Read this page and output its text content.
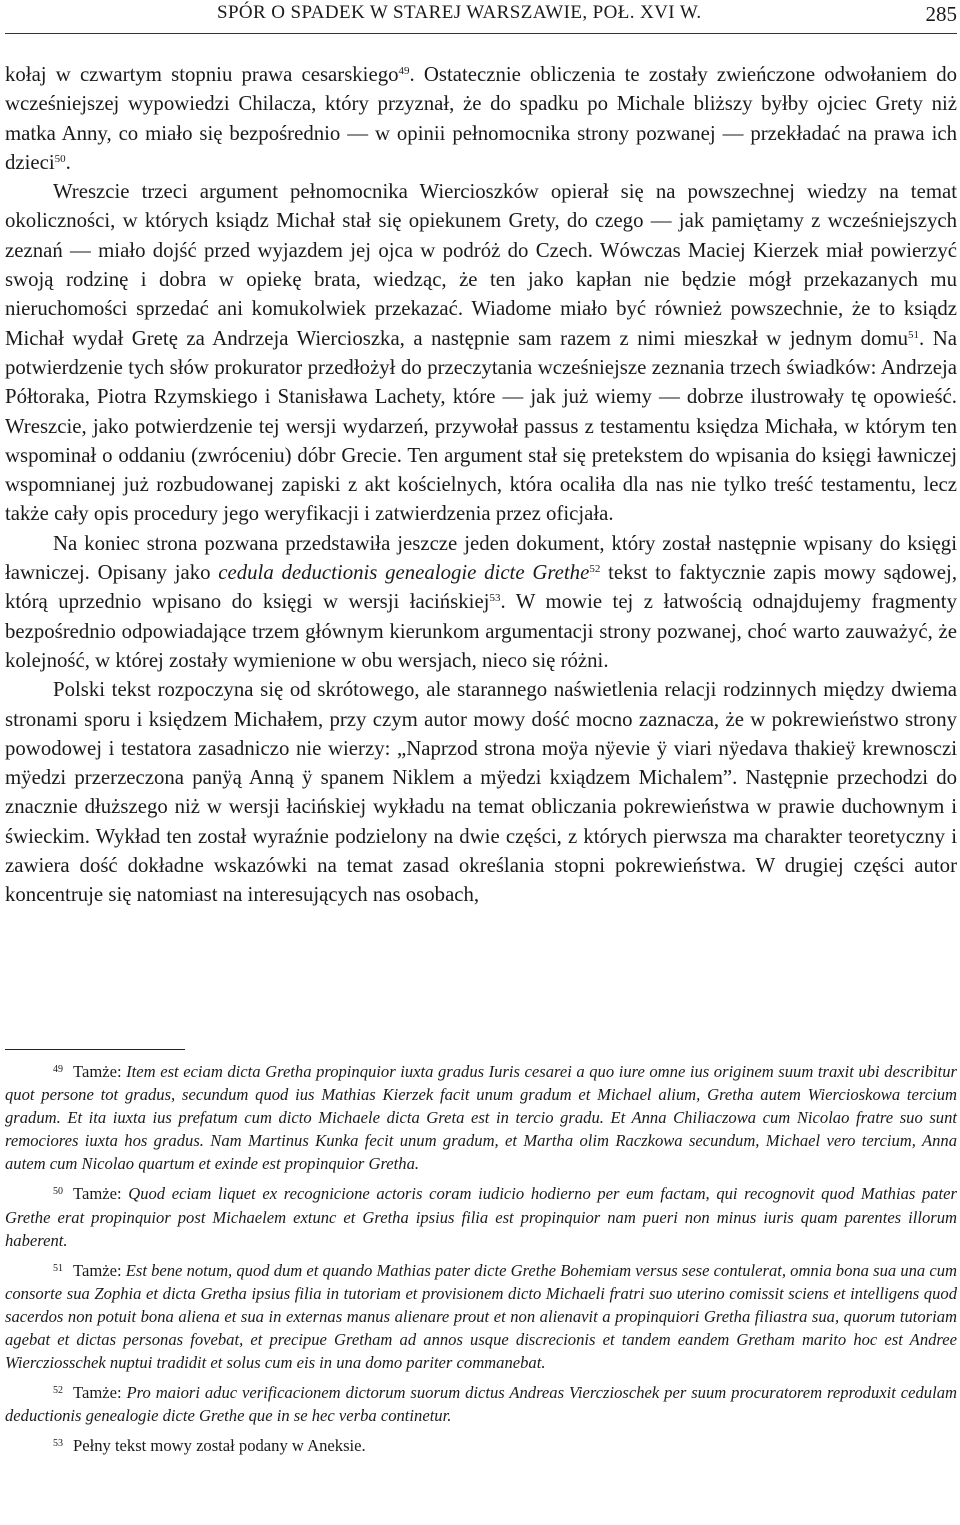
SPÓR O SPADEK W STAREJ WARSZAWIE, POŁ. XVI W.	285

kołaj w czwartym stopniu prawa cesarskiego$^{49}$. Ostatecznie obliczenia te zostały zwieńczone odwołaniem do wcześniejszej wypowiedzi Chilacza, który przyznał, że do spadku po Michale bliższy byłby ojciec Grety niż matka Anny, co miało się bezpośrednio — w opinii pełnomocnika strony pozwanej — przekładać na prawa ich dzieci$^{50}$.

Wreszcie trzeci argument pełnomocnika Wiercioszków opierał się na powszechnej wiedzy na temat okoliczności, w których ksiądz Michał stał się opiekunem Grety, do czego — jak pamiętamy z wcześniejszych zeznań — miało dojść przed wyjazdem jej ojca w podróż do Czech. Wówczas Maciej Kierzek miał powierzyć swoją rodzinę i dobra w opiekę brata, wiedząc, że ten jako kapłan nie będzie mógł przekazanych mu nieruchomości sprzedać ani komukolwiek przekazać. Wiadome miało być również powszechnie, że to ksiądz Michał wydał Gretę za Andrzeja Wiercioszka, a następnie sam razem z nimi mieszkał w jednym domu$^{51}$. Na potwierdzenie tych słów prokurator przedłożył do przeczytania wcześniejsze zeznania trzech świadków: Andrzeja Półtoraka, Piotra Rzymskiego i Stanisława Lachety, które — jak już wiemy — dobrze ilustrowały tę opowieść. Wreszcie, jako potwierdzenie tej wersji wydarzeń, przywołał passus z testamentu księdza Michała, w którym ten wspominał o oddaniu (zwróceniu) dóbr Grecie. Ten argument stał się pretekstem do wpisania do księgi ławniczej wspomnianej już rozbudowanej zapiski z akt kościelnych, która ocaliła dla nas nie tylko treść testamentu, lecz także cały opis procedury jego weryfikacji i zatwierdzenia przez oficjała.

Na koniec strona pozwana przedstawiła jeszcze jeden dokument, który został następnie wpisany do księgi ławniczej. Opisany jako cedula deductionis genealogie dicte Grethe$^{52}$ tekst to faktycznie zapis mowy sądowej, którą uprzednio wpisano do księgi w wersji łacińskiej$^{53}$. W mowie tej z łatwością odnajdujemy fragmenty bezpośrednio odpowiadające trzem głównym kierunkom argumentacji strony pozwanej, choć warto zauważyć, że kolejność, w której zostały wymienione w obu wersjach, nieco się różni.

Polski tekst rozpoczyna się od skrótowego, ale starannego naświetlenia relacji rodzinnych między dwiema stronami sporu i księdzem Michałem, przy czym autor mowy dość mocno zaznacza, że w pokrewieństwo strony powodowej i testatora zasadniczo nie wierzy: „Naprzod strona moÿa nÿevie ÿ viari nÿedava thakieÿ krewnosczi mÿedzi przerzeczona panÿą Anną ÿ spanem Niklem a mÿedzi kxiądzem Michalem”. Następnie przechodzi do znacznie dłuższego niż w wersji łacińskiej wykładu na temat obliczania pokrewieństwa w prawie duchownym i świeckim. Wykład ten został wyraźnie podzielony na dwie części, z których pierwsza ma charakter teoretyczny i zawiera dość dokładne wskazówki na temat zasad określania stopni pokrewieństwa. W drugiej części autor koncentruje się natomiast na interesujących nas osobach,

$^{49}$ Tamże: Item est eciam dicta Gretha propinquior iuxta gradus Iuris cesarei a quo iure omne ius originem suum traxit ubi describitur quot persone tot gradus, secundum quod ius Mathias Kierzek facit unum gradum et Michael alium, Gretha autem Wiercioskowa tercium gradum. Et ita iuxta ius prefatum cum dicto Michaele dicta Greta est in tercio gradu. Et Anna Chiliaczowa cum Nicolao fratre suo sunt remociores iuxta hos gradus. Nam Martinus Kunka fecit unum gradum, et Martha olim Raczkowa secundum, Michael vero tercium, Anna autem cum Nicolao quartum et exinde est propinquior Gretha.

$^{50}$ Tamże: Quod eciam liquet ex recognicione actoris coram iudicio hodierno per eum factam, qui recognovit quod Mathias pater Grethe erat propinquior post Michaelem extunc et Gretha ipsius filia est propinquior nam pueri non minus iuris quam parentes illorum haberent.

$^{51}$ Tamże: Est bene notum, quod dum et quando Mathias pater dicte Grethe Bohemiam versus sese contulerat, omnia bona sua una cum consorte sua Zophia et dicta Gretha ipsius filia in tutoriam et provisionem dicto Michaeli fratri suo uterino comissit sciens et intelligens quod sacerdos non potuit bona aliena et sua in externas manus alienare prout et non alienavit a propinquiori Gretha filiastra sua, quorum tutoriam agebat et dictas personas fovebat, et precipue Gretham ad annos usque discrecionis et tandem eandem Gretham marito hoc est Andree Wiercziosschek nuptui tradidit et solus cum eis in una domo pariter commanebat.

$^{52}$ Tamże: Pro maiori aduc verificacionem dictorum suorum dictus Andreas Vierczioschek per suum procuratorem reproduxit cedulam deductionis genealogie dicte Grethe que in se hec verba continetur.

$^{53}$ Pełny tekst mowy został podany w Aneksie.
